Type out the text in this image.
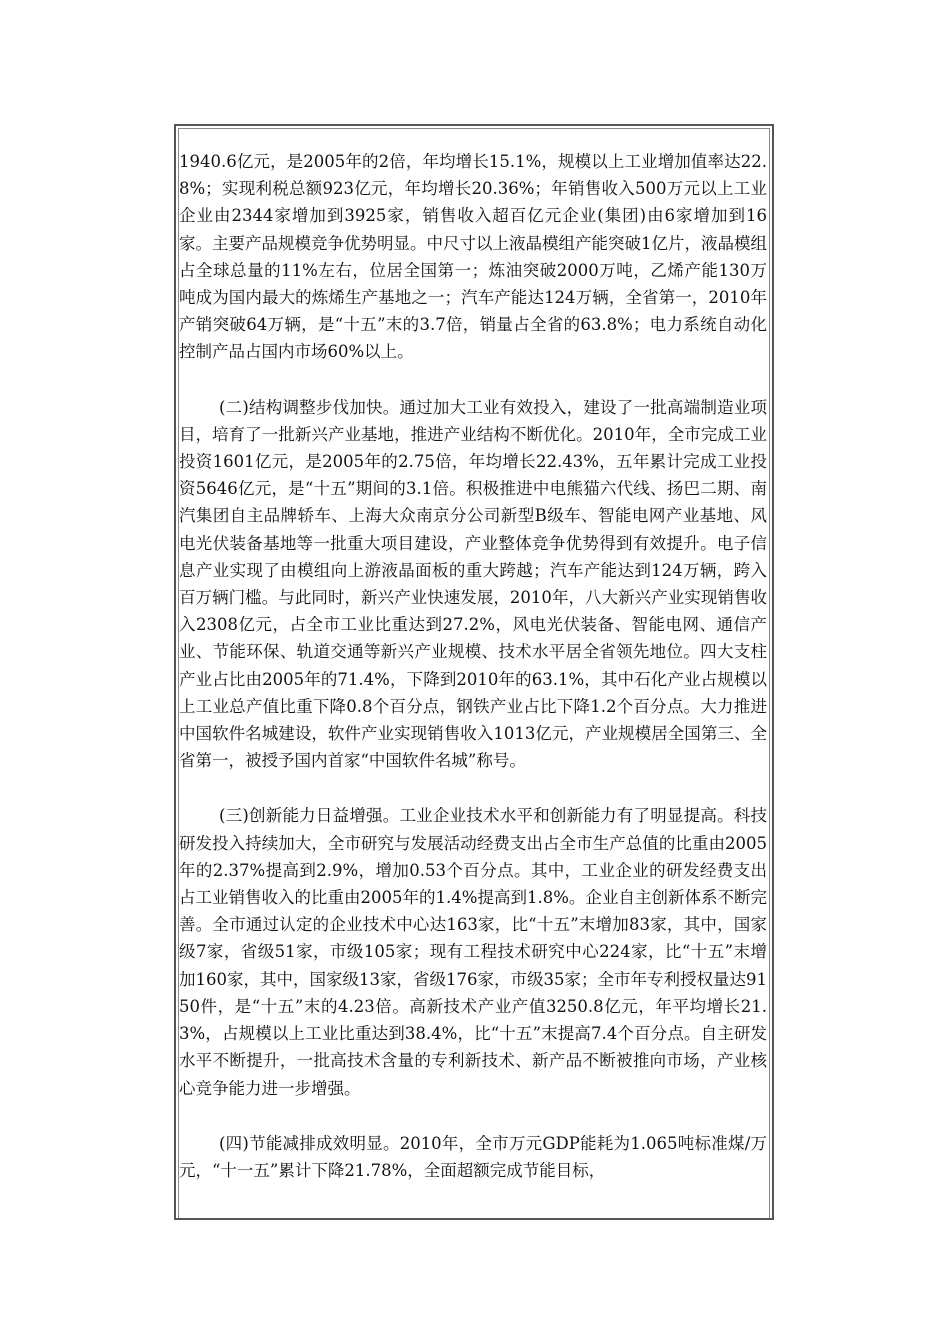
1940.6亿元，是2005年的2倍，年均增长15.1%，规模以上工业增加值率达22.8%；实现利税总额923亿元，年均增长20.36%；年销售收入500万元以上工业企业由2344家增加到3925家，销售收入超百亿元企业(集团)由6家增加到16家。主要产品规模竞争优势明显。中尺寸以上液晶模组产能突破1亿片，液晶模组占全球总量的11%左右，位居全国第一；炼油突破2000万吨，乙烯产能130万吨成为国内最大的炼烯生产基地之一；汽车产能达124万辆，全省第一，2010年产销突破64万辆，是“十五”末的3.7倍，销量占全省的63.8%；电力系统自动化控制产品占国内市场60%以上。

(二)结构调整步伐加快。通过加大工业有效投入，建设了一批高端制造业项目，培育了一批新兴产业基地，推进产业结构不断优化。2010年，全市完成工业投资1601亿元，是2005年的2.75倍，年均增长22.43%，五年累计完成工业投资5646亿元，是“十五”期间的3.1倍。积极推进中电熊猫六代线、扬巴二期、南汽集团自主品牌轿车、上海大众南京分公司新型B级车、智能电网产业基地、风电光伏装备基地等一批重大项目建设，产业整体竞争优势得到有效提升。电子信息产业实现了由模组向上游液晶面板的重大跨越；汽车产能达到124万辆，跨入百万辆门槛。与此同时，新兴产业快速发展，2010年，八大新兴产业实现销售收入2308亿元，占全市工业比重达到27.2%，风电光伏装备、智能电网、通信产业、节能环保、轨道交通等新兴产业规模、技术水平居全省领先地位。四大支柱产业占比由2005年的71.4%，下降到2010年的63.1%，其中石化产业占规模以上工业总产值比重下降0.8个百分点，钢铁产业占比下降1.2个百分点。大力推进中国软件名城建设，软件产业实现销售收入1013亿元，产业规模居全国第三、全省第一，被授予国内首家“中国软件名城”称号。

(三)创新能力日益增强。工业企业技术水平和创新能力有了明显提高。科技研发投入持续加大，全市研究与发展活动经费支出占全市生产总值的比重由2005年的2.37%提高到2.9%，增加0.53个百分点。其中，工业企业的研发经费支出占工业销售收入的比重由2005年的1.4%提高到1.8%。企业自主创新体系不断完善。全市通过认定的企业技术中心达163家，比“十五”末增加83家，其中，国家级7家，省级51家，市级105家；现有工程技术研究中心224家，比“十五”末增加160家，其中，国家级13家，省级176家，市级35家；全市年专利授权量达9150件，是“十五”末的4.23倍。高新技术产业产值3250.8亿元，年平均增长21.3%，占规模以上工业比重达到38.4%，比“十五”末提高7.4个百分点。自主研发水平不断提升，一批高技术含量的专利新技术、新产品不断被推向市场，产业核心竞争能力进一步增强。

(四)节能减排成效明显。2010年，全市万元GDP能耗为1.065吨标准煤/万元，“十一五”累计下降21.78%，全面超额完成节能目标，
